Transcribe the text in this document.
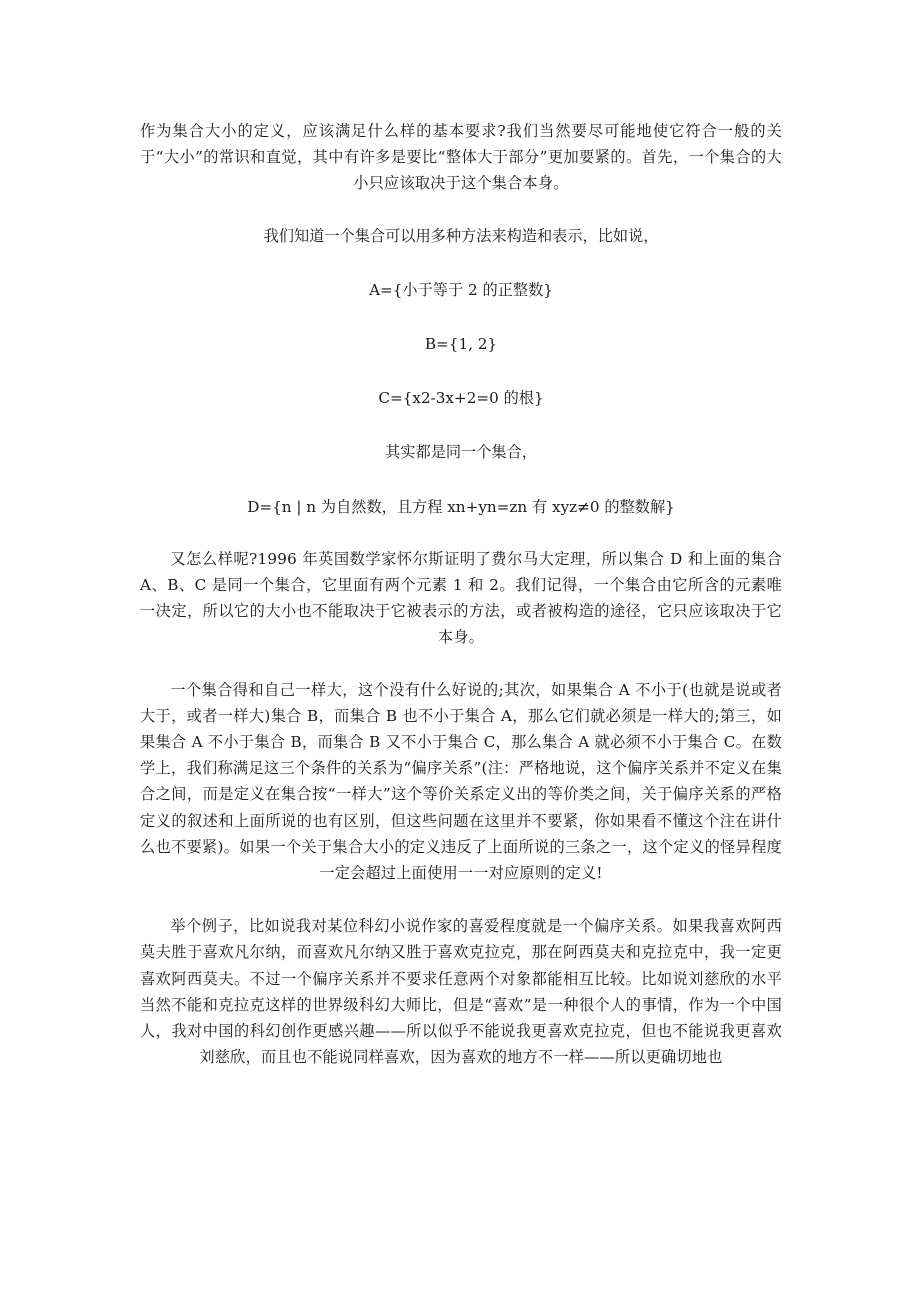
作为集合大小的定义，应该满足什么样的基本要求?我们当然要尽可能地使它符合一般的关于“大小”的常识和直觉，其中有许多是要比“整体大于部分”更加要紧的。首先，一个集合的大小只应该取决于这个集合本身。

我们知道一个集合可以用多种方法来构造和表示，比如说，

A={小于等于 2 的正整数}

B={1, 2}

C={x2-3x+2=0 的根}

其实都是同一个集合，

D={n | n 为自然数，且方程 xn+yn=zn 有 xyz≠0 的整数解}

又怎么样呢?1996 年英国数学家怀尔斯证明了费尔马大定理，所以集合 D 和上面的集合 A、B、C 是同一个集合，它里面有两个元素 1 和 2。我们记得，一个集合由它所含的元素唯一决定，所以它的大小也不能取决于它被表示的方法，或者被构造的途径，它只应该取决于它本身。

一个集合得和自己一样大，这个没有什么好说的;其次，如果集合 A 不小于(也就是说或者大于，或者一样大)集合 B，而集合 B 也不小于集合 A，那么它们就必须是一样大的;第三，如果集合 A 不小于集合 B，而集合 B 又不小于集合 C，那么集合 A 就必须不小于集合 C。在数学上，我们称满足这三个条件的关系为“偏序关系”(注：严格地说，这个偏序关系并不定义在集合之间，而是定义在集合按“一样大”这个等价关系定义出的等价类之间，关于偏序关系的严格定义的叙述和上面所说的也有区别，但这些问题在这里并不要紧，你如果看不懂这个注在讲什么也不要紧)。如果一个关于集合大小的定义违反了上面所说的三条之一，这个定义的怪异程度一定会超过上面使用一一对应原则的定义!

举个例子，比如说我对某位科幻小说作家的喜爱程度就是一个偏序关系。如果我喜欢阿西莫夫胜于喜欢凡尔纳，而喜欢凡尔纳又胜于喜欢克拉克，那在阿西莫夫和克拉克中，我一定更喜欢阿西莫夫。不过一个偏序关系并不要求任意两个对象都能相互比较。比如说刘慈欣的水平当然不能和克拉克这样的世界级科幻大师比，但是“喜欢”是一种很个人的事情，作为一个中国人，我对中国的科幻创作更感兴趣——所以似乎不能说我更喜欢克拉克，但也不能说我更喜欢刘慈欣，而且也不能说同样喜欢，因为喜欢的地方不一样——所以更确切地也
